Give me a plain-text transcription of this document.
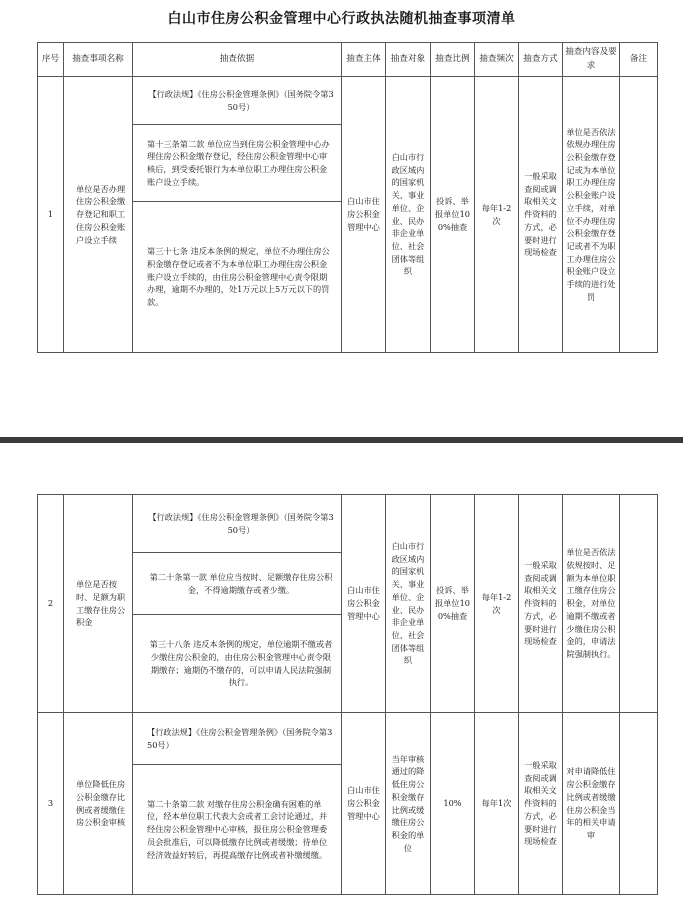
白山市住房公积金管理中心行政执法随机抽查事项清单
序号	抽查事项名称	抽查依据	抽查主体	抽查对象	抽查比例	抽查频次	抽查方式	抽查内容及要求	备注
1	单位是否办理住房公积金缴存登记和职工住房公积金账户设立手续	【行政法规】《住房公积金管理条例》（国务院令第350号）	白山市住房公积金管理中心	白山市行政区域内的国家机关、事业单位、企业、民办非企业单位、社会团体等组织	投诉、举报单位100%抽查	每年1-2次	一般采取查阅或调取相关文件资料的方式，必要时进行现场检查	单位是否依法依规办理住房公积金缴存登记或为本单位职工办理住房公积金账户设立手续，对单位不办理住房公积金缴存登记或者不为职工办理住房公积金账户设立手续的进行处罚	
		第十三条第二款 单位应当到住房公积金管理中心办理住房公积金缴存登记，经住房公积金管理中心审核后，到受委托银行为本单位职工办理住房公积金账户设立手续。							
		第三十七条 违反本条例的规定，单位不办理住房公积金缴存登记或者不为本单位职工办理住房公积金账户设立手续的，由住房公积金管理中心责令限期办理，逾期不办理的，处1万元以上5万元以下的罚款。							
2	单位是否按时、足额为职工缴存住房公积金	【行政法规】《住房公积金管理条例》（国务院令第350号）	白山市住房公积金管理中心	白山市行政区域内的国家机关、事业单位、企业、民办非企业单位、社会团体等组织	投诉、举报单位100%抽查	每年1-2次	一般采取查阅或调取相关文件资料的方式，必要时进行现场检查	单位是否依法依规按时、足额为本单位职工缴存住房公积金，对单位逾期不缴或者少缴住房公积金的，申请法院强制执行。	
		第二十条第一款 单位应当按时、足额缴存住房公积金，不得逾期缴存或者少缴。							
		第三十八条 违反本条例的规定，单位逾期不缴或者少缴住房公积金的，由住房公积金管理中心责令限期缴存；逾期仍不缴存的，可以申请人民法院强制执行。							
3	单位降低住房公积金缴存比例或者缓缴住房公积金审核	【行政法规】《住房公积金管理条例》（国务院令第350号）	白山市住房公积金管理中心	当年审核通过的降低住房公积金缴存比例或缓缴住房公积金的单位	10%	每年1次	一般采取查阅或调取相关文件资料的方式，必要时进行现场检查	对申请降低住房公积金缴存比例或者缓缴住房公积金当年的相关申请审	
		第二十条第二款 对缴存住房公积金确有困难的单位，经本单位职工代表大会或者工会讨论通过，并经住房公积金管理中心审核，报住房公积金管理委员会批准后，可以降低缴存比例或者缓缴；待单位经济效益好转后，再提高缴存比例或者补缴缓缴。							
